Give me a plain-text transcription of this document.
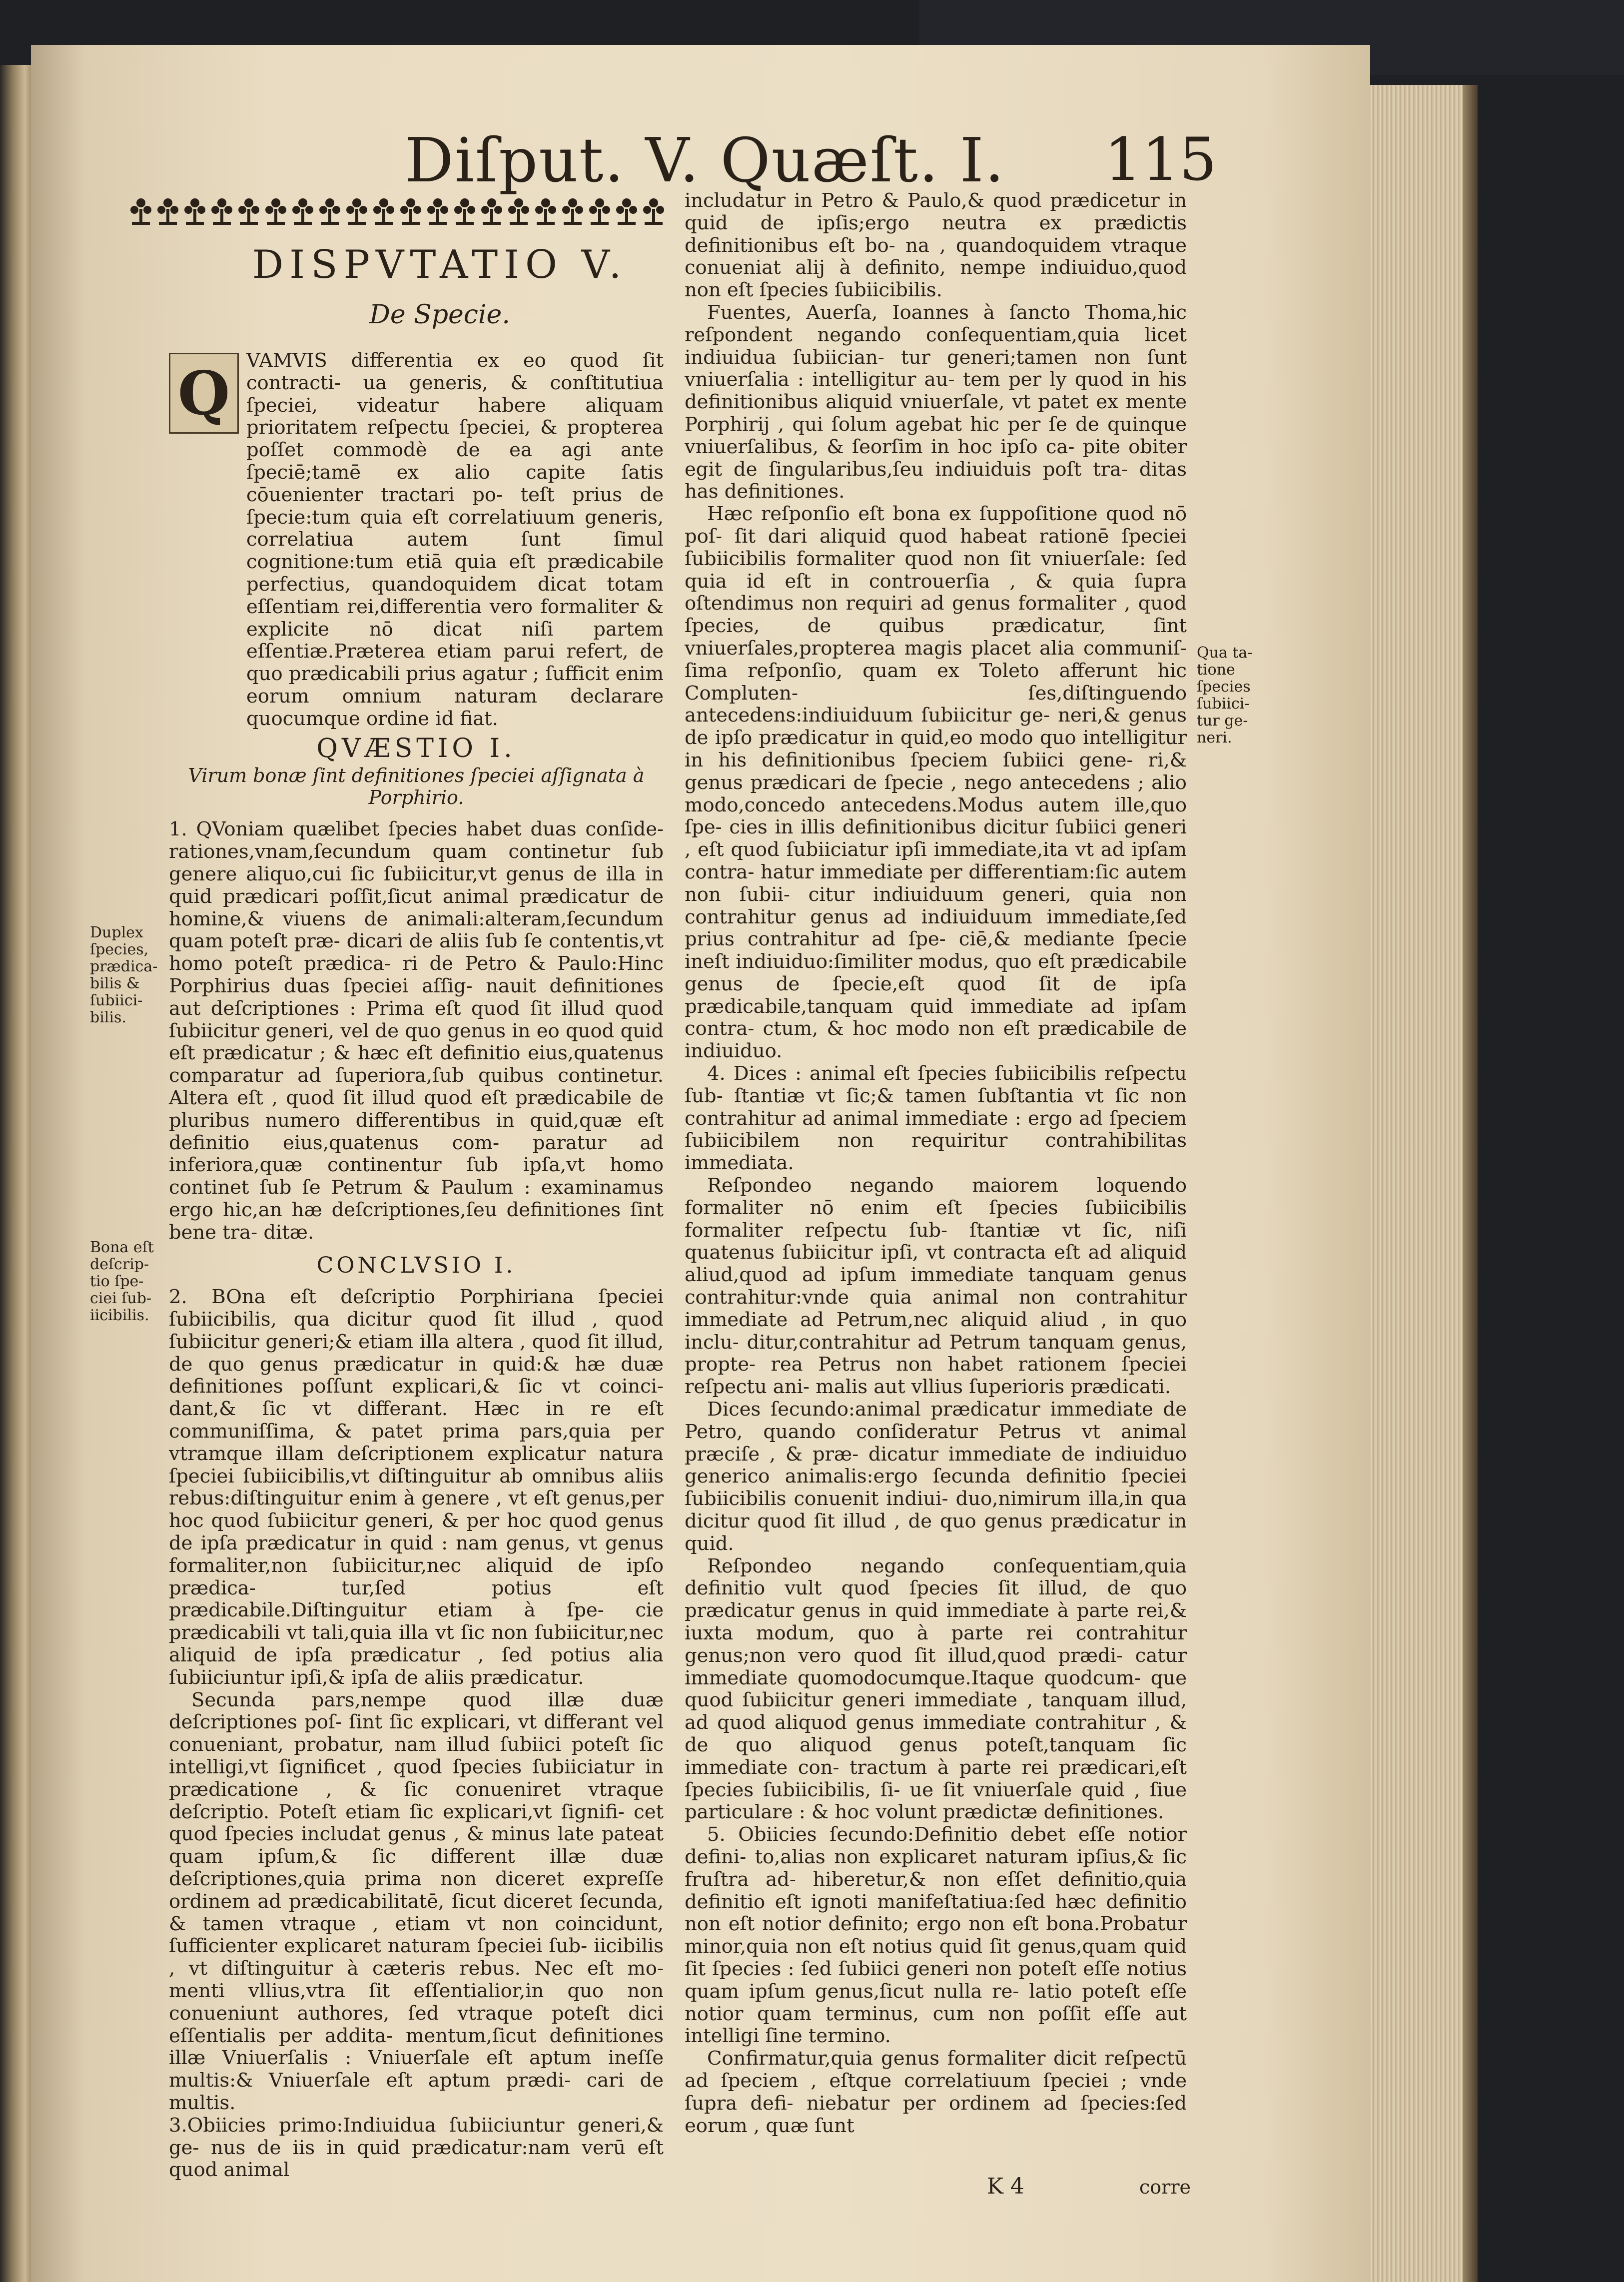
Diſput. V. Quæſt. I.	115
DISPVTATIO V.
De Specie.

VAMVIS differentia ex eo quod ſit contracti- ua generis, & conſtitutiua ſpeciei, videatur habere aliquam prioritatem reſpectu ſpeciei, & propterea poſſet commodè de ea agi ante ſpeciē;tamē ex alio capite ſatis cōuenienter tractari po- teſt prius de ſpecie:tum quia eſt correlatiuum generis, correlatiua autem ſunt ſimul cognitione:tum etiā quia eſt prædicabile perfectius, quandoquidem dicat totam eſſentiam rei,differentia vero formaliter & explicite nō dicat niſi partem eſſentiæ.Præterea etiam parui refert, de quo prædicabili prius agatur ; ſufficit enim eorum omnium naturam declarare quocumque ordine id fiat.

QVÆSTIO I.
Virum bonæ ſint definitiones ſpeciei aſſignata à Porphirio.

1. QVoniam quælibet ſpecies habet duas conſide- rationes,vnam,ſecundum quam continetur ſub genere aliquo,cui ſic ſubiicitur,vt genus de illa in quid prædicari poſſit,ſicut animal prædicatur de homine,& viuens de animali:alteram,ſecundum quam poteſt præ- dicari de aliis ſub ſe contentis,vt homo poteſt prædica- ri de Petro & Paulo:Hinc Porphirius duas ſpeciei aſſig- nauit definitiones aut deſcriptiones : Prima eſt quod ſit illud quod ſubiicitur generi, vel de quo genus in eo quod quid eſt prædicatur ; & hæc eſt definitio eius,quatenus comparatur ad ſuperiora,ſub quibus continetur. Altera eſt , quod ſit illud quod eſt prædicabile de pluribus numero differentibus in quid,quæ eſt definitio eius,quatenus com- paratur ad inferiora,quæ continentur ſub ipſa,vt homo continet ſub ſe Petrum & Paulum : examinamus ergo hic,an hæ deſcriptiones,ſeu definitiones ſint bene tra- ditæ.

CONCLVSIO I.

2. BOna eſt deſcriptio Porphiriana ſpeciei ſubiicibilis, qua dicitur quod ſit illud , quod ſubiicitur generi;& etiam illa altera , quod ſit illud, de quo genus prædicatur in quid:& hæ duæ definitiones poſſunt explicari,& ſic vt coinci- dant,& ſic vt differant. Hæc in re eſt communiſſima, & patet prima pars,quia per vtramque illam deſcriptionem explicatur natura ſpeciei ſubiicibilis,vt diſtinguitur ab omnibus aliis rebus:diſtinguitur enim à genere , vt eſt genus,per hoc quod ſubiicitur generi, & per hoc quod genus de ipſa prædicatur in quid : nam genus, vt genus formaliter,non ſubiicitur,nec aliquid de ipſo prædica- tur,ſed potius eſt prædicabile.Diſtinguitur etiam à ſpe- cie prædicabili vt tali,quia illa vt ſic non ſubiicitur,nec aliquid de ipſa prædicatur , ſed potius alia ſubiiciuntur ipſi,& ipſa de aliis prædicatur.

Secunda pars,nempe quod illæ duæ deſcriptiones poſ- ſint ſic explicari, vt differant vel conueniant, probatur, nam illud ſubiici poteſt ſic intelligi,vt ſignificet , quod ſpecies ſubiiciatur in prædicatione , & ſic conueniret vtraque deſcriptio. Poteſt etiam ſic explicari,vt ſignifi- cet quod ſpecies includat genus , & minus late pateat quam ipſum,& ſic different illæ duæ deſcriptiones,quia prima non diceret expreſſe ordinem ad prædicabilitatē, ſicut diceret ſecunda, & tamen vtraque , etiam vt non coincidunt, ſufficienter explicaret naturam ſpeciei ſub- iicibilis , vt diſtinguitur à cæteris rebus. Nec eſt mo- menti vllius,vtra ſit eſſentialior,in quo non conueniunt authores, ſed vtraque poteſt dici eſſentialis per addita- mentum,ſicut definitiones illæ Vniuerſalis : Vniuerſale eſt aptum ineſſe multis:& Vniuerſale eſt aptum prædi- cari de multis.

3.Obiicies primo:Indiuidua ſubiiciuntur generi,& ge- nus de iis in quid prædicatur:nam verū eſt quod animal

Q

includatur in Petro & Paulo,& quod prædicetur in quid de ipſis;ergo neutra ex prædictis definitionibus eſt bo- na , quandoquidem vtraque conueniat alij à definito, nempe indiuiduo,quod non eſt ſpecies ſubiicibilis.

Fuentes, Auerſa, Ioannes à ſancto Thoma,hic reſpondent negando conſequentiam,quia licet indiuidua ſubiician- tur generi;tamen non ſunt vniuerſalia : intelligitur au- tem per ly quod in his definitionibus aliquid vniuerſale, vt patet ex mente Porphirij , qui ſolum agebat hic per ſe de quinque vniuerſalibus, & ſeorſim in hoc ipſo ca- pite obiter egit de ſingularibus,ſeu indiuiduis poſt tra- ditas has definitiones.

Hæc reſponſio eſt bona ex ſuppoſitione quod nō poſ- ſit dari aliquid quod habeat rationē ſpeciei ſubiicibilis formaliter quod non ſit vniuerſale: ſed quia id eſt in controuerſia , & quia ſupra oſtendimus non requiri ad genus formaliter , quod ſpecies, de quibus prædicatur, ſint vniuerſales,propterea magis placet alia communiſ- ſima reſponſio, quam ex Toleto afferunt hic Compluten- ſes,diſtinguendo antecedens:indiuiduum ſubiicitur ge- neri,& genus de ipſo prædicatur in quid,eo modo quo intelligitur in his definitionibus ſpeciem ſubiici gene- ri,& genus prædicari de ſpecie , nego antecedens ; alio modo,concedo antecedens.Modus autem ille,quo ſpe- cies in illis definitionibus dicitur ſubiici generi , eſt quod ſubiiciatur ipſi immediate,ita vt ad ipſam contra- hatur immediate per differentiam:ſic autem non ſubii- citur indiuiduum generi, quia non contrahitur genus ad indiuiduum immediate,ſed prius contrahitur ad ſpe- ciē,& mediante ſpecie ineſt indiuiduo:ſimiliter modus, quo eſt prædicabile genus de ſpecie,eſt quod ſit de ipſa prædicabile,tanquam quid immediate ad ipſam contra- ctum, & hoc modo non eſt prædicabile de indiuiduo.

4. Dices : animal eſt ſpecies ſubiicibilis reſpectu ſub- ſtantiæ vt ſic;& tamen ſubſtantia vt ſic non contrahitur ad animal immediate : ergo ad ſpeciem ſubiicibilem non requiritur contrahibilitas immediata.

Reſpondeo negando maiorem loquendo formaliter nō enim eſt ſpecies ſubiicibilis formaliter reſpectu ſub- ſtantiæ vt ſic, niſi quatenus ſubiicitur ipſi, vt contracta eſt ad aliquid aliud,quod ad ipſum immediate tanquam genus contrahitur:vnde quia animal non contrahitur immediate ad Petrum,nec aliquid aliud , in quo inclu- ditur,contrahitur ad Petrum tanquam genus, propte- rea Petrus non habet rationem ſpeciei reſpectu ani- malis aut vllius ſuperioris prædicati.

Dices ſecundo:animal prædicatur immediate de Petro, quando conſideratur Petrus vt animal præciſe , & præ- dicatur immediate de indiuiduo generico animalis:ergo ſecunda definitio ſpeciei ſubiicibilis conuenit indiui- duo,nimirum illa,in qua dicitur quod ſit illud , de quo genus prædicatur in quid.

Reſpondeo negando conſequentiam,quia definitio vult quod ſpecies ſit illud, de quo prædicatur genus in quid immediate à parte rei,& iuxta modum, quo à parte rei contrahitur genus;non vero quod ſit illud,quod prædi- catur immediate quomodocumque.Itaque quodcum- que quod ſubiicitur generi immediate , tanquam illud, ad quod aliquod genus immediate contrahitur , & de quo aliquod genus poteſt,tanquam ſic immediate con- tractum à parte rei prædicari,eſt ſpecies ſubiicibilis, ſi- ue ſit vniuerſale quid , ſiue particulare : & hoc volunt prædictæ definitiones.

5. Obiicies ſecundo:Definitio debet eſſe notior defini- to,alias non explicaret naturam ipſius,& ſic fruſtra ad- hiberetur,& non eſſet definitio,quia definitio eſt ignoti manifeſtatiua:ſed hæc definitio non eſt notior definito; ergo non eſt bona.Probatur minor,quia non eſt notius quid ſit genus,quam quid ſit ſpecies : ſed ſubiici generi non poteſt eſſe notius quam ipſum genus,ſicut nulla re- latio poteſt eſſe notior quam terminus, cum non poſſit eſſe aut intelligi ſine termino.

Confirmatur,quia genus formaliter dicit reſpectū ad ſpeciem , eſtque correlatiuum ſpeciei ; vnde ſupra defi- niebatur per ordinem ad ſpecies:ſed eorum , quæ ſunt

Duplex ſpecies, prædica- bilis & ſubiici- bilis.
Bona eſt deſcrip- tio ſpe- ciei ſub- iicibilis.
Qua ta- tione ſpecies ſubiici- tur ge- neri.
K 4	corre
